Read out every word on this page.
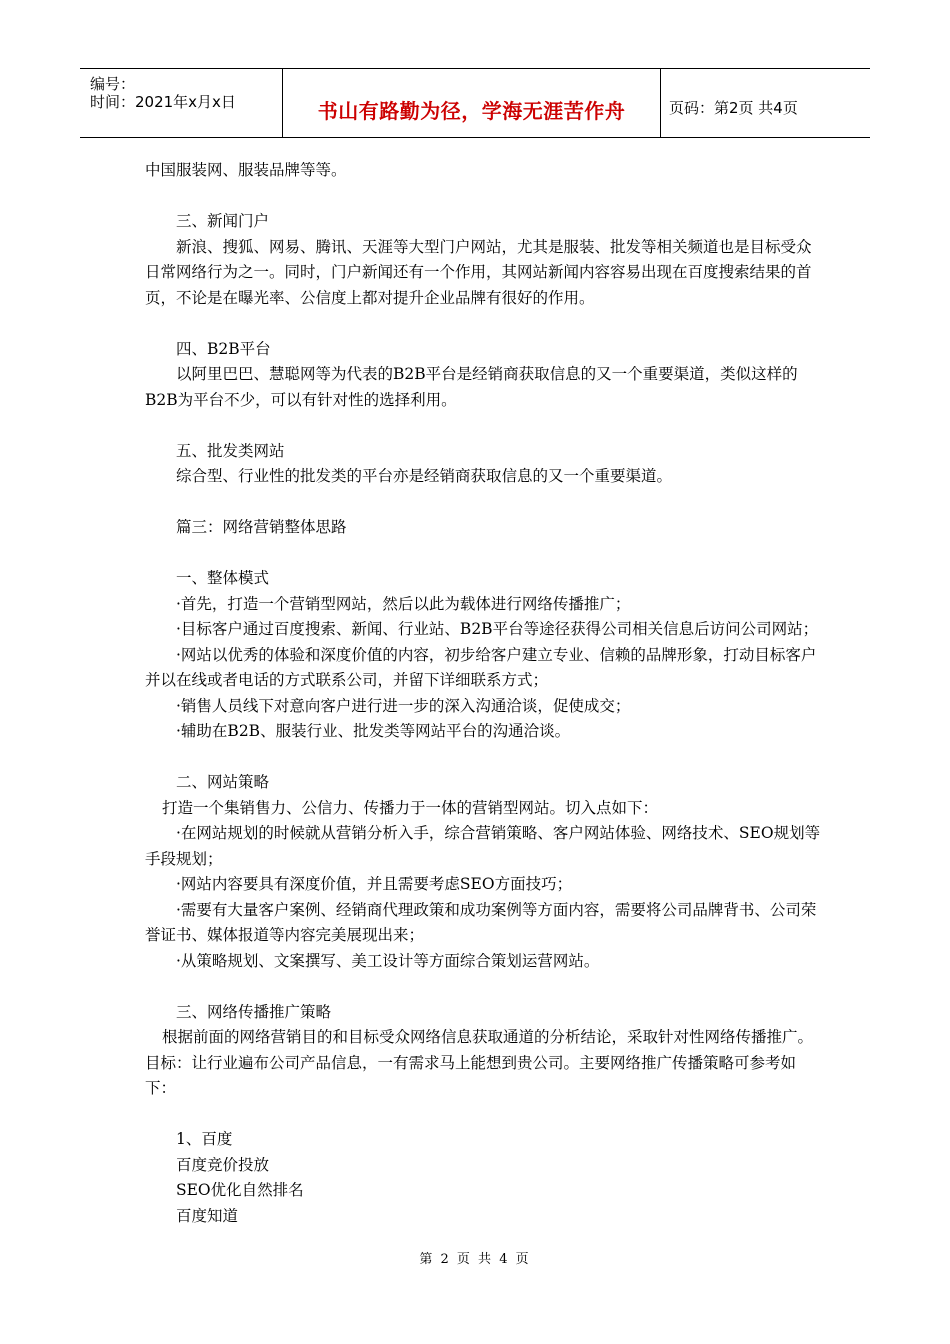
编号：
时间：2021年x月x日	书山有路勤为径，学海无涯苦作舟	页码：第2页 共4页

中国服装网、服装品牌等等。

三、新闻门户

新浪、搜狐、网易、腾讯、天涯等大型门户网站，尤其是服装、批发等相关频道也是目标受众日常网络行为之一。同时，门户新闻还有一个作用，其网站新闻内容容易出现在百度搜索结果的首页，不论是在曝光率、公信度上都对提升企业品牌有很好的作用。

四、B2B平台

以阿里巴巴、慧聪网等为代表的B2B平台是经销商获取信息的又一个重要渠道，类似这样的B2B为平台不少，可以有针对性的选择利用。

五、批发类网站

综合型、行业性的批发类的平台亦是经销商获取信息的又一个重要渠道。

篇三：网络营销整体思路

一、整体模式

·首先，打造一个营销型网站，然后以此为载体进行网络传播推广；

·目标客户通过百度搜索、新闻、行业站、B2B平台等途径获得公司相关信息后访问公司网站；

·网站以优秀的体验和深度价值的内容，初步给客户建立专业、信赖的品牌形象，打动目标客户并以在线或者电话的方式联系公司，并留下详细联系方式；

·销售人员线下对意向客户进行进一步的深入沟通洽谈，促使成交；

·辅助在B2B、服装行业、批发类等网站平台的沟通洽谈。

二、网站策略

打造一个集销售力、公信力、传播力于一体的营销型网站。切入点如下：

·在网站规划的时候就从营销分析入手，综合营销策略、客户网站体验、网络技术、SEO规划等手段规划；

·网站内容要具有深度价值，并且需要考虑SEO方面技巧；

·需要有大量客户案例、经销商代理政策和成功案例等方面内容，需要将公司品牌背书、公司荣誉证书、媒体报道等内容完美展现出来；

·从策略规划、文案撰写、美工设计等方面综合策划运营网站。

三、网络传播推广策略

根据前面的网络营销目的和目标受众网络信息获取通道的分析结论，采取针对性网络传播推广。目标：让行业遍布公司产品信息，一有需求马上能想到贵公司。主要网络推广传播策略可参考如下：

1、百度

百度竞价投放

SEO优化自然排名

百度知道

第 2 页 共 4 页
